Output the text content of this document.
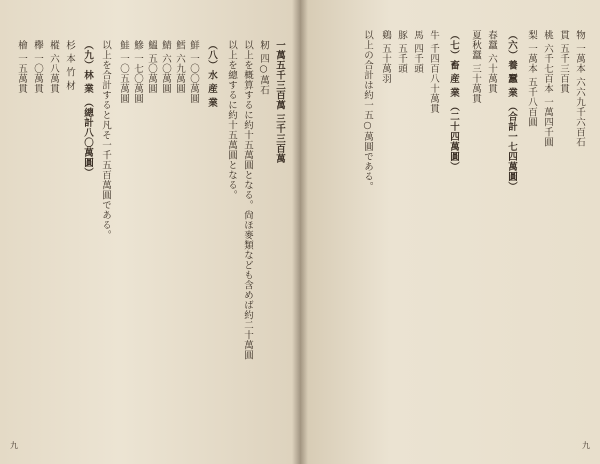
一萬五千三百萬 三千三百萬
籾 四○萬石
以上を概算するに約十五萬圓となる。尙ほ麥類なども含めば約二十萬圓
以上を總するに約十五萬圓となる。
（八）水 産 業
鮮 一〇〇萬圓
鱈 六九萬圓
鯖 六〇萬圓
鰮 五〇萬圓
鰺 一七〇萬圓
鮭 一〇五萬圓
以上を合計すると凡そ一千五百萬圓である。
（九）林 業 （總計八〇萬圓）
杉 本 竹 材
樅 六八萬貫
欅 一〇萬貫
檜 一五萬貫
九
物 一萬本 六六九千六百石
貫 五千三百貫
桃 六千七百本 一萬四千圓
梨 一萬本 五千八百圓
（六）養 蠶 業 （合計一七四萬圓）
春蠶 六十萬貫
夏秋蠶 三十萬貫
（七）畜 産 業 （二十四萬圓）
牛 千四百八十萬貫
馬 四千頭
豚 五千頭
鷄 五十萬羽
以上の合計は約一五○萬圓である。
九
